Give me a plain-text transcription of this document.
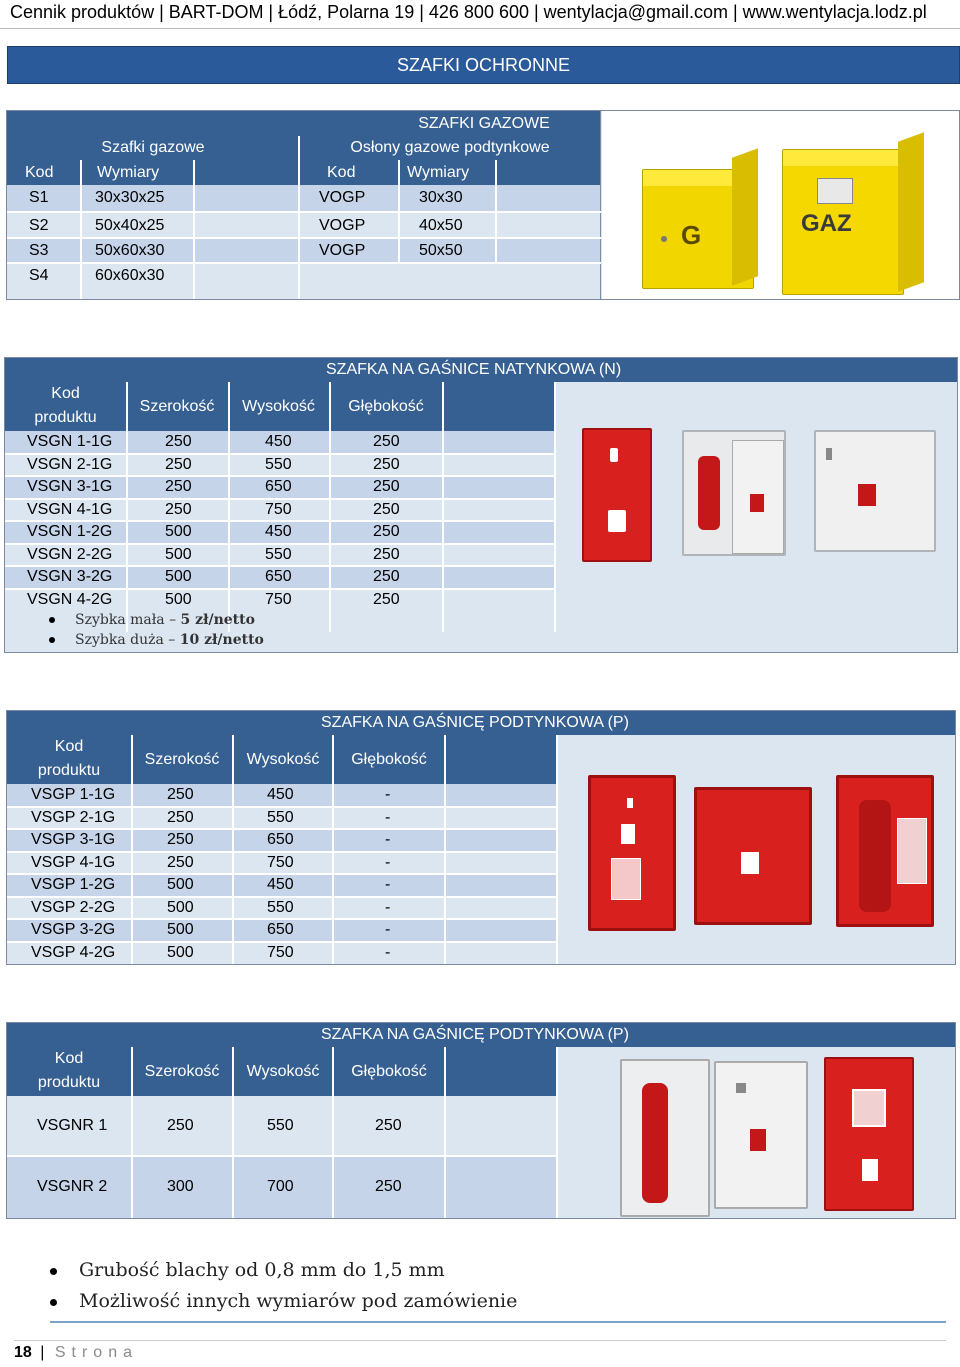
Cennik produktów | BART-DOM | Łódź, Polarna 19 | 426 800 600 | wentylacja@gmail.com | www.wentylacja.lodz.pl
SZAFKI OCHRONNE
SZAFKI GAZOWE
Szafki gazowe	Osłony gazowe podtynkowe
Kod	Wymiary	Kod	Wymiary
S1	30x30x25	VOGP	30x30
S2	50x40x25	VOGP	40x50
S3	50x60x30	VOGP	50x50
S4	60x60x30
G	GAZ
SZAFKA NA GAŚNICE NATYNKOWA (N)
Kod
produktu
Szerokość	Wysokość	Głębokość
VSGN 1-1G	250	450	250
VSGN 2-1G	250	550	250
VSGN 3-1G	250	650	250
VSGN 4-1G	250	750	250
VSGN 1-2G	500	450	250
VSGN 2-2G	500	550	250
VSGN 3-2G	500	650	250
VSGN 4-2G	500	750	250
Szybka mała – 5 zł/netto
Szybka duża – 10 zł/netto
SZAFKA NA GAŚNICĘ PODTYNKOWA (P)
Kod
produktu
Szerokość	Wysokość	Głębokość
VSGP 1-1G	250	450	-
VSGP 2-1G	250	550	-
VSGP 3-1G	250	650	-
VSGP 4-1G	250	750	-
VSGP 1-2G	500	450	-
VSGP 2-2G	500	550	-
VSGP 3-2G	500	650	-
VSGP 4-2G	500	750	-
SZAFKA NA GAŚNICĘ PODTYNKOWA (P)
Kod
produktu
Szerokość	Wysokość	Głębokość
VSGNR 1	250	550	250
VSGNR 2	300	700	250
Grubość blachy od 0,8 mm do 1,5 mm
Możliwość innych wymiarów pod zamówienie
18 | Strona
